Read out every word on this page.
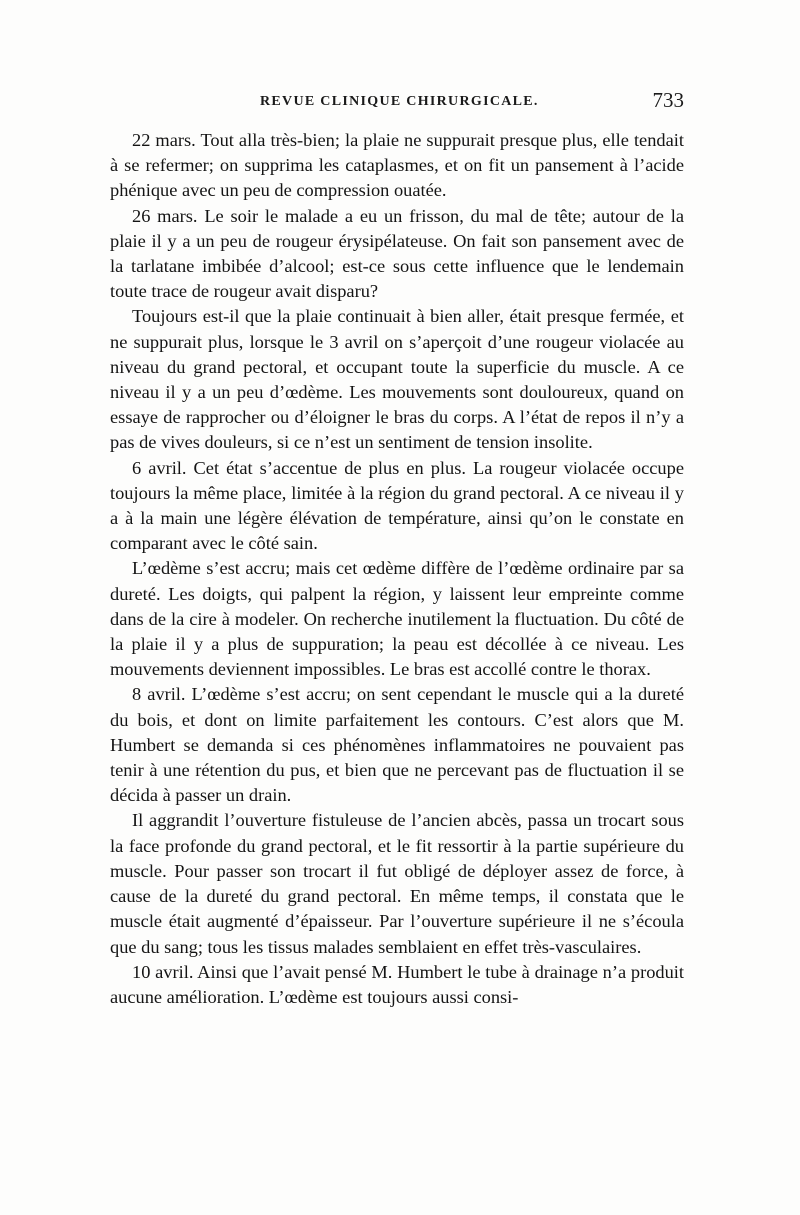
REVUE CLINIQUE CHIRURGICALE.	733

22 mars. Tout alla très-bien; la plaie ne suppurait presque plus, elle tendait à se refermer; on supprima les cataplasmes, et on fit un pansement à l’acide phénique avec un peu de compression ouatée.

26 mars. Le soir le malade a eu un frisson, du mal de tête; autour de la plaie il y a un peu de rougeur érysipélateuse. On fait son pansement avec de la tarlatane imbibée d’alcool; est-ce sous cette influence que le lendemain toute trace de rougeur avait disparu?

Toujours est-il que la plaie continuait à bien aller, était presque fermée, et ne suppurait plus, lorsque le 3 avril on s’aperçoit d’une rougeur violacée au niveau du grand pectoral, et occupant toute la superficie du muscle. A ce niveau il y a un peu d’œdème. Les mouvements sont douloureux, quand on essaye de rapprocher ou d’éloigner le bras du corps. A l’état de repos il n’y a pas de vives douleurs, si ce n’est un sentiment de tension insolite.

6 avril. Cet état s’accentue de plus en plus. La rougeur violacée occupe toujours la même place, limitée à la région du grand pectoral. A ce niveau il y a à la main une légère élévation de température, ainsi qu’on le constate en comparant avec le côté sain.

L’œdème s’est accru; mais cet œdème diffère de l’œdème ordinaire par sa dureté. Les doigts, qui palpent la région, y laissent leur empreinte comme dans de la cire à modeler. On recherche inutilement la fluctuation. Du côté de la plaie il y a plus de suppuration; la peau est décollée à ce niveau. Les mouvements deviennent impossibles. Le bras est accollé contre le thorax.

8 avril. L’œdème s’est accru; on sent cependant le muscle qui a la dureté du bois, et dont on limite parfaitement les contours. C’est alors que M. Humbert se demanda si ces phénomènes inflammatoires ne pouvaient pas tenir à une rétention du pus, et bien que ne percevant pas de fluctuation il se décida à passer un drain.

Il aggrandit l’ouverture fistuleuse de l’ancien abcès, passa un trocart sous la face profonde du grand pectoral, et le fit ressortir à la partie supérieure du muscle. Pour passer son trocart il fut obligé de déployer assez de force, à cause de la dureté du grand pectoral. En même temps, il constata que le muscle était augmenté d’épaisseur. Par l’ouverture supérieure il ne s’écoula que du sang; tous les tissus malades semblaient en effet très-vasculaires.

10 avril. Ainsi que l’avait pensé M. Humbert le tube à drainage n’a produit aucune amélioration. L’œdème est toujours aussi consi-
